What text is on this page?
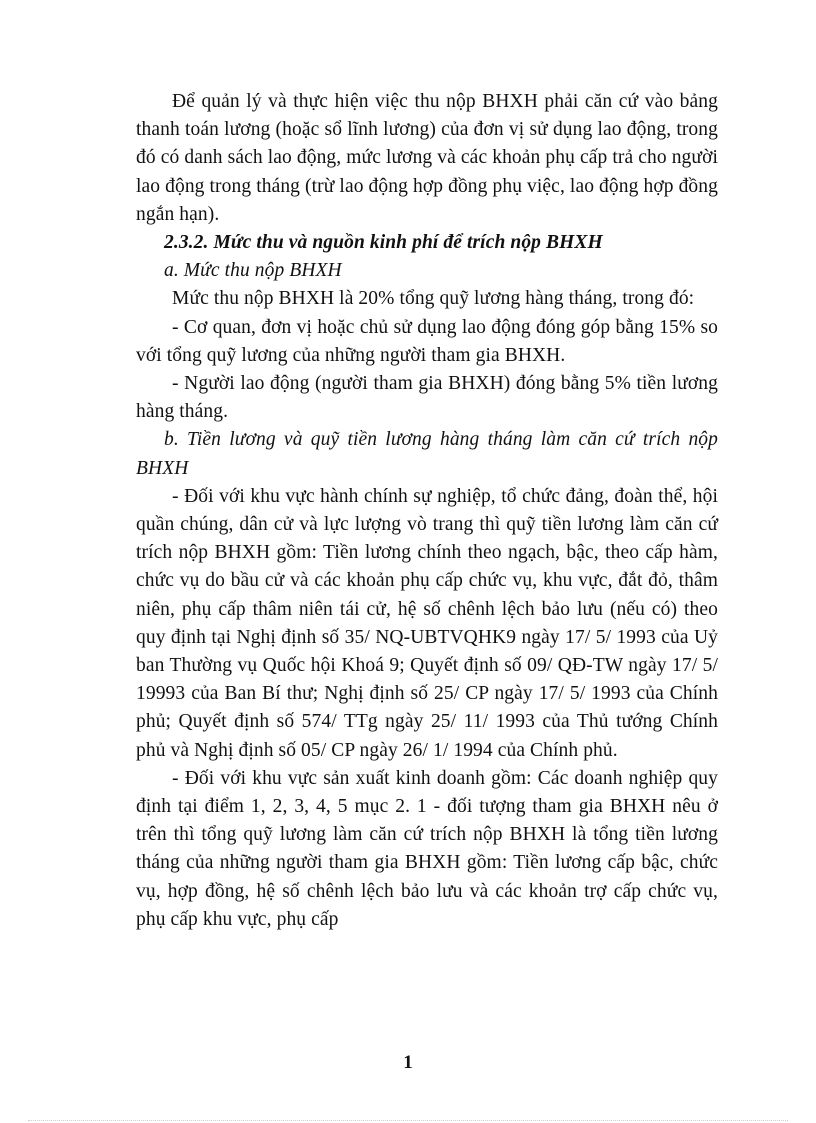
Để quản lý và thực hiện việc thu nộp BHXH phải căn cứ vào bảng thanh toán lương (hoặc sổ lĩnh lương) của đơn vị sử dụng lao động, trong đó có danh sách lao động, mức lương và các khoản phụ cấp trả cho người lao động trong tháng (trừ lao động hợp đồng phụ việc, lao động hợp đồng ngắn hạn).

2.3.2. Mức thu và nguồn kinh phí để trích nộp BHXH

a. Mức thu nộp BHXH

Mức thu nộp BHXH là 20% tổng quỹ lương hàng tháng, trong đó:

- Cơ quan, đơn vị hoặc chủ sử dụng lao động đóng góp bằng 15% so với tổng quỹ lương của những người tham gia BHXH.

- Người lao động (người tham gia BHXH) đóng bằng 5% tiền lương hàng tháng.

b. Tiền lương và quỹ tiền lương hàng tháng làm căn cứ trích nộp BHXH

- Đối với khu vực hành chính sự nghiệp, tổ chức đảng, đoàn thể, hội quần chúng, dân cử và lực lượng vò trang thì quỹ tiền lương làm căn cứ trích nộp BHXH gồm: Tiền lương chính theo ngạch, bậc, theo cấp hàm, chức vụ do bầu cử và các khoản phụ cấp chức vụ, khu vực, đắt đỏ, thâm niên, phụ cấp thâm niên tái cử, hệ số chênh lệch bảo lưu (nếu có) theo quy định tại Nghị định số 35/ NQ-UBTVQHK9 ngày 17/ 5/ 1993 của Uỷ ban Thường vụ Quốc hội Khoá 9; Quyết định số 09/ QĐ-TW ngày 17/ 5/ 19993 của Ban Bí thư; Nghị định số 25/ CP ngày 17/ 5/ 1993 của Chính phủ; Quyết định số 574/ TTg ngày 25/ 11/ 1993 của Thủ tướng Chính phủ và Nghị định số 05/ CP ngày 26/ 1/ 1994 của Chính phủ.

- Đối với khu vực sản xuất kinh doanh gồm: Các doanh nghiệp quy định tại điểm 1, 2, 3, 4, 5 mục 2. 1 - đối tượng tham gia BHXH nêu ở trên thì tổng quỹ lương làm căn cứ trích nộp BHXH là tổng tiền lương tháng của những người tham gia BHXH gồm: Tiền lương cấp bậc, chức vụ, hợp đồng, hệ số chênh lệch bảo lưu và các khoản trợ cấp chức vụ, phụ cấp khu vực, phụ cấp

1
